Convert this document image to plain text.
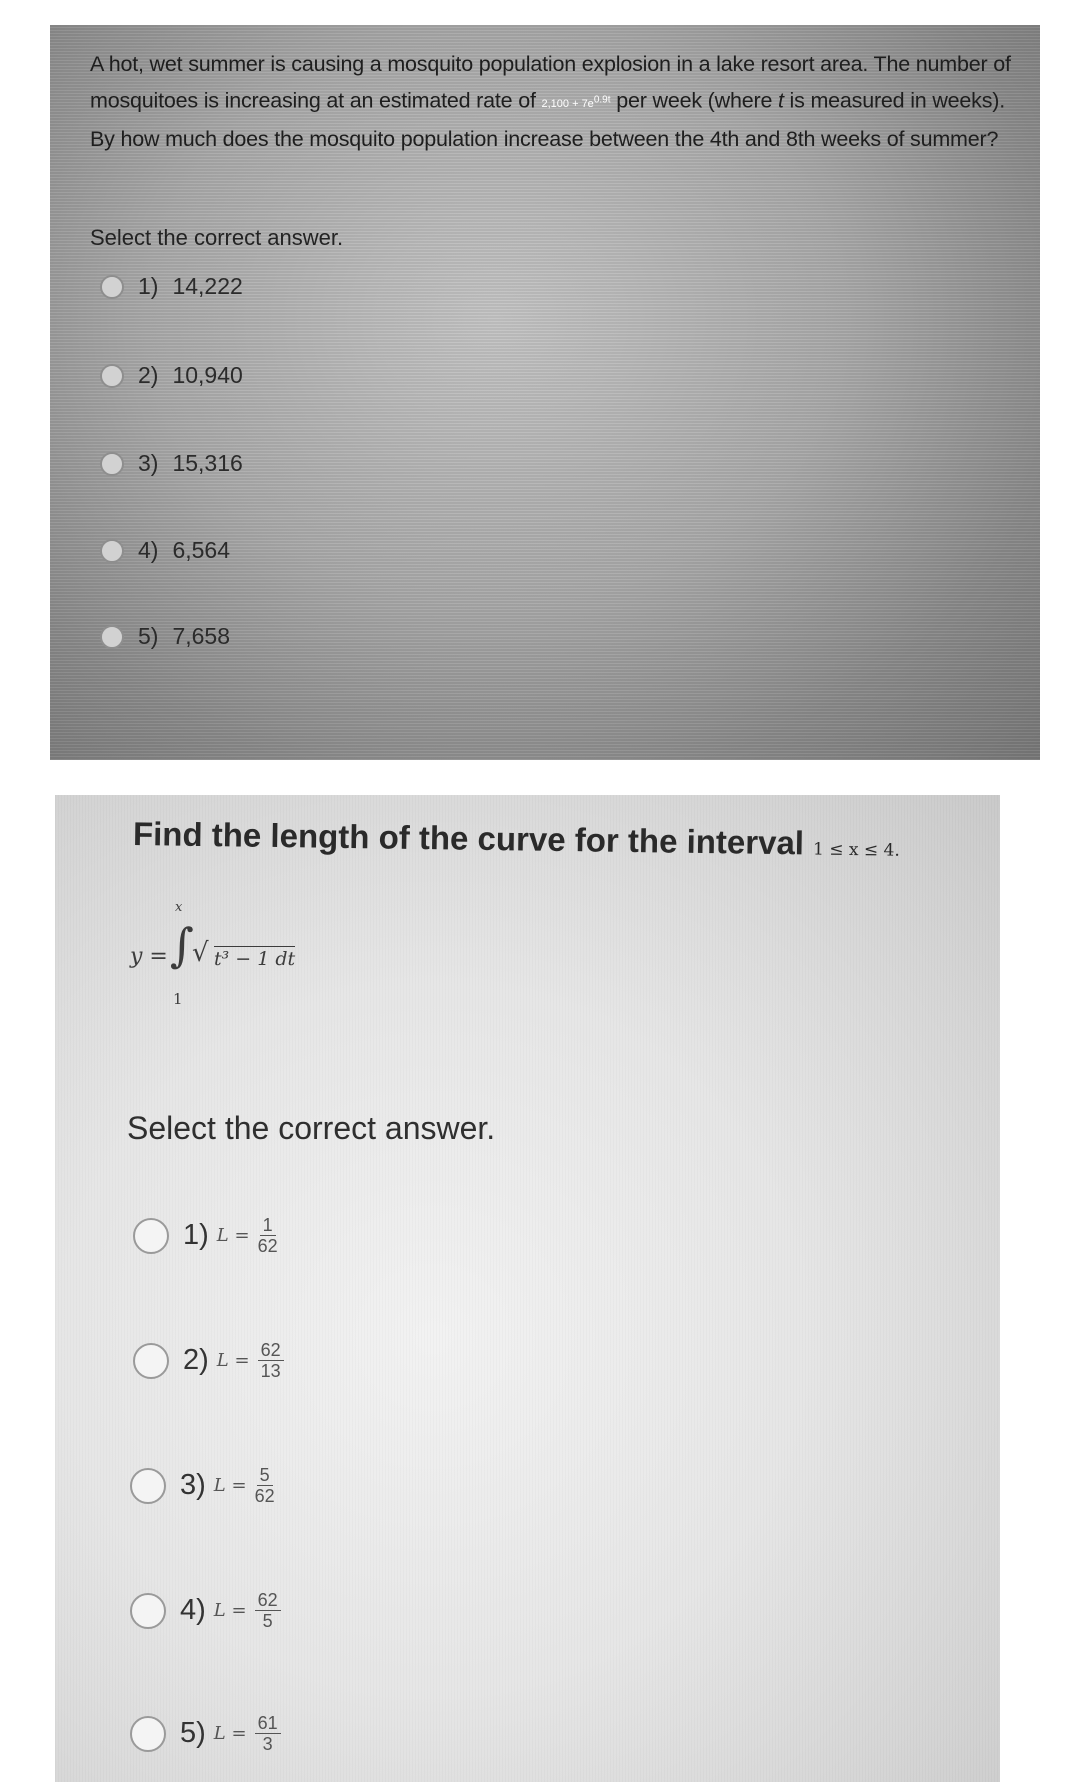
A hot, wet summer is causing a mosquito population explosion in a lake resort area. The number of mosquitoes is increasing at an estimated rate of $2,100 + 7e^{0.9t}$ per week (where t is measured in weeks). By how much does the mosquito population increase between the 4th and 8th weeks of summer?
Select the correct answer.
1) 14,222
2) 10,940
3) 15,316
4) 6,564
5) 7,658
Find the length of the curve for the interval 1 ≤ x ≤ 4.
y =
x
∫
1
√ t³ − 1 dt
Select the correct answer.
1) $L = \frac{1}{62}$
2) $L = \frac{62}{13}$
3) $L = \frac{5}{62}$
4) $L = \frac{62}{5}$
5) $L = \frac{61}{3}$
